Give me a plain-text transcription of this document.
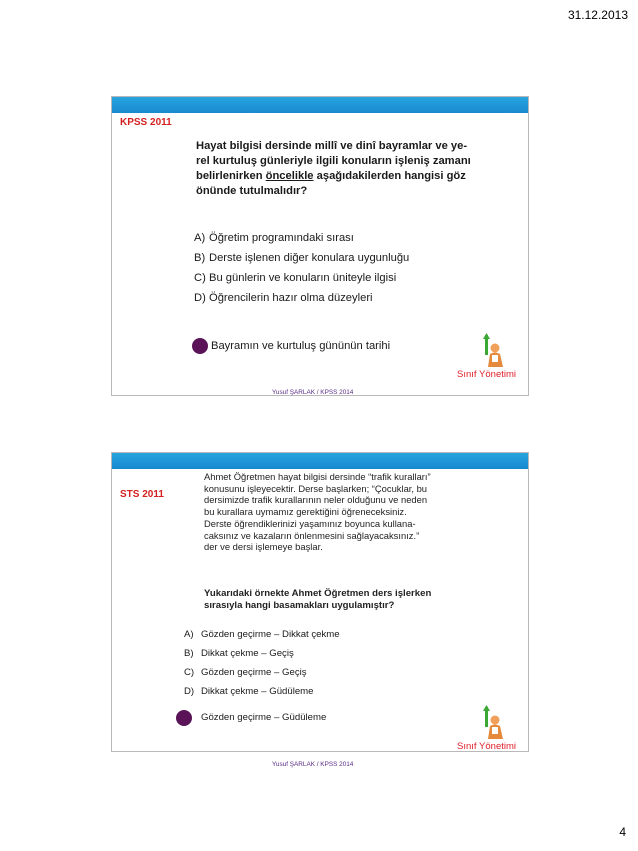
31.12.2013
KPSS 2011
Hayat bilgisi dersinde millî ve dinî bayramlar ve ye-
rel kurtuluş günleriyle ilgili konuların işleniş zamanı
belirlenirken öncelikle aşağıdakilerden hangisi göz
önünde tutulmalıdır?
A) Öğretim programındaki sırası
B) Derste işlenen diğer konulara uygunluğu
C) Bu günlerin ve konuların üniteyle ilgisi
D) Öğrencilerin hazır olma düzeyleri
Bayramın ve kurtuluş gününün tarihi
Sınıf Yönetimi
Yusuf ŞARLAK / KPSS 2014
STS 2011
Ahmet Öğretmen hayat bilgisi dersinde “trafik kuralları”
konusunu işleyecektir. Derse başlarken; “Çocuklar, bu
dersimizde trafik kurallarının neler olduğunu ve neden
bu kurallara uymamız gerektiğini öğreneceksiniz.
Derste öğrendiklerinizi yaşamınız boyunca kullana-
caksınız ve kazaların önlenmesini sağlayacaksınız.”
der ve dersi işlemeye başlar.
Yukarıdaki örnekte Ahmet Öğretmen ders işlerken
sırasıyla hangi basamakları uygulamıştır?
A) Gözden geçirme – Dikkat çekme
B) Dikkat çekme – Geçiş
C) Gözden geçirme – Geçiş
D) Dikkat çekme – Güdüleme
Gözden geçirme – Güdüleme
Sınıf Yönetimi
Yusuf ŞARLAK / KPSS 2014
4
